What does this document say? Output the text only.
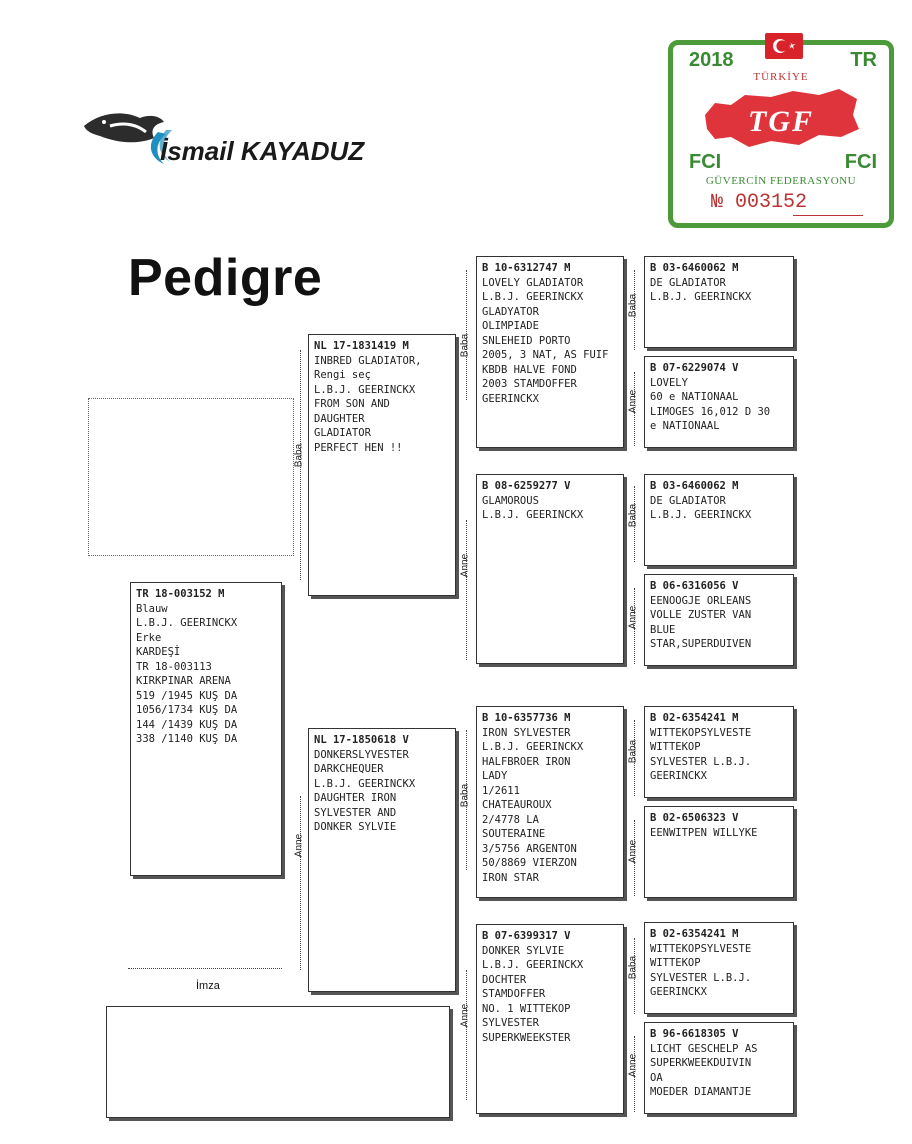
İsmail KAYADUZ
2018	TR
TÜRKİYE
TGF
FCI	FCI
GÜVERCİN FEDERASYONU
№ 003152
Pedigre
TR 18-003152 M
Blauw
L.B.J. GEERINCKX
Erke
KARDEŞİ
TR 18-003113
KIRKPINAR ARENA
519 /1945 KUŞ DA
1056/1734 KUŞ DA
144 /1439 KUŞ DA
338 /1140 KUŞ DA
Baba
Anne
NL 17-1831419 M
INBRED GLADIATOR,
Rengi seç
L.B.J. GEERINCKX
FROM SON AND
DAUGHTER
GLADIATOR
PERFECT HEN !!
NL 17-1850618 V
DONKERSLYVESTER
DARKCHEQUER
L.B.J. GEERINCKX
DAUGHTER IRON
SYLVESTER AND
DONKER SYLVIE
Baba
Anne
Baba
Anne
B 10-6312747 M
LOVELY GLADIATOR
L.B.J. GEERINCKX
GLADYATOR
OLIMPIADE
SNLEHEID PORTO
2005, 3 NAT, AS FUIF
KBDB HALVE FOND
2003 STAMDOFFER
GEERINCKX
B 08-6259277 V
GLAMOROUS
L.B.J. GEERINCKX
B 10-6357736 M
IRON SYLVESTER
L.B.J. GEERINCKX
HALFBROER IRON
LADY
1/2611
CHATEAUROUX
2/4778 LA
SOUTERAINE
3/5756 ARGENTON
50/8869 VIERZON
IRON STAR
B 07-6399317 V
DONKER SYLVIE
L.B.J. GEERINCKX
DOCHTER
STAMDOFFER
NO. 1 WITTEKOP
SYLVESTER
SUPERKWEEKSTER
Baba
Anne
Baba
Anne
Baba
Anne
Baba
Anne
B 03-6460062 M
DE GLADIATOR
L.B.J. GEERINCKX
B 07-6229074 V
LOVELY
60 e NATIONAAL
LIMOGES 16,012 D 30
e NATIONAAL
B 03-6460062 M
DE GLADIATOR
L.B.J. GEERINCKX
B 06-6316056 V
EENOOGJE ORLEANS
VOLLE ZUSTER VAN
BLUE
STAR,SUPERDUIVEN
B 02-6354241 M
WITTEKOPSYLVESTE
WITTEKOP
SYLVESTER L.B.J.
GEERINCKX
B 02-6506323 V
EENWITPEN WILLYKE
B 02-6354241 M
WITTEKOPSYLVESTE
WITTEKOP
SYLVESTER L.B.J.
GEERINCKX
B 96-6618305 V
LICHT GESCHELP AS
SUPERKWEEKDUIVIN
OA
MOEDER DIAMANTJE
İmza
